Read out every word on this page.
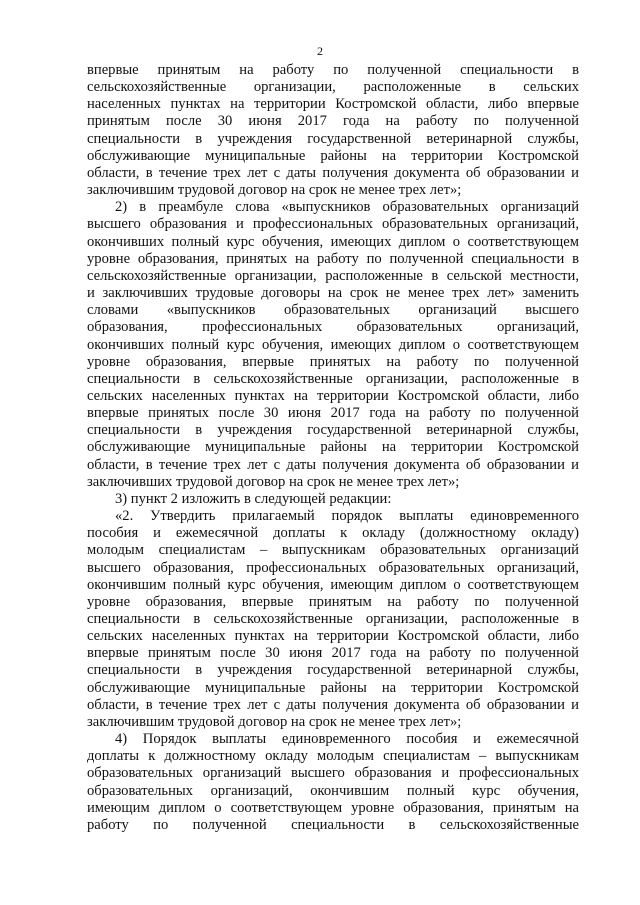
2
впервые принятым на работу по полученной специальности в
сельскохозяйственные организации, расположенные в сельских
населенных пунктах на территории Костромской области, либо впервые
принятым после 30 июня 2017 года на работу по полученной
специальности в учреждения государственной ветеринарной службы,
обслуживающие муниципальные районы на территории Костромской
области, в течение трех лет с даты получения документа об образовании и
заключившим трудовой договор на срок не менее трех лет»;
2) в преамбуле слова «выпускников образовательных организаций
высшего образования и профессиональных образовательных организаций,
окончивших полный курс обучения, имеющих диплом о соответствующем
уровне образования, принятых на работу по полученной специальности в
сельскохозяйственные организации, расположенные в сельской местности,
и заключивших трудовые договоры на срок не менее трех лет» заменить
словами «выпускников образовательных организаций высшего
образования, профессиональных образовательных организаций,
окончивших полный курс обучения, имеющих диплом о соответствующем
уровне образования, впервые принятых на работу по полученной
специальности в сельскохозяйственные организации, расположенные в
сельских населенных пунктах на территории Костромской области, либо
впервые принятых после 30 июня 2017 года на работу по полученной
специальности в учреждения государственной ветеринарной службы,
обслуживающие муниципальные районы на территории Костромской
области, в течение трех лет с даты получения документа об образовании и
заключивших трудовой договор на срок не менее трех лет»;
3) пункт 2 изложить в следующей редакции:
«2. Утвердить прилагаемый порядок выплаты единовременного
пособия и ежемесячной доплаты к окладу (должностному окладу)
молодым специалистам – выпускникам образовательных организаций
высшего образования, профессиональных образовательных организаций,
окончившим полный курс обучения, имеющим диплом о соответствующем
уровне образования, впервые принятым на работу по полученной
специальности в сельскохозяйственные организации, расположенные в
сельских населенных пунктах на территории Костромской области, либо
впервые принятым после 30 июня 2017 года на работу по полученной
специальности в учреждения государственной ветеринарной службы,
обслуживающие муниципальные районы на территории Костромской
области, в течение трех лет с даты получения документа об образовании и
заключившим трудовой договор на срок не менее трех лет»;
4) Порядок выплаты единовременного пособия и ежемесячной
доплаты к должностному окладу молодым специалистам – выпускникам
образовательных организаций высшего образования и профессиональных
образовательных организаций, окончившим полный курс обучения,
имеющим диплом о соответствующем уровне образования, принятым на
работу по полученной специальности в сельскохозяйственные
